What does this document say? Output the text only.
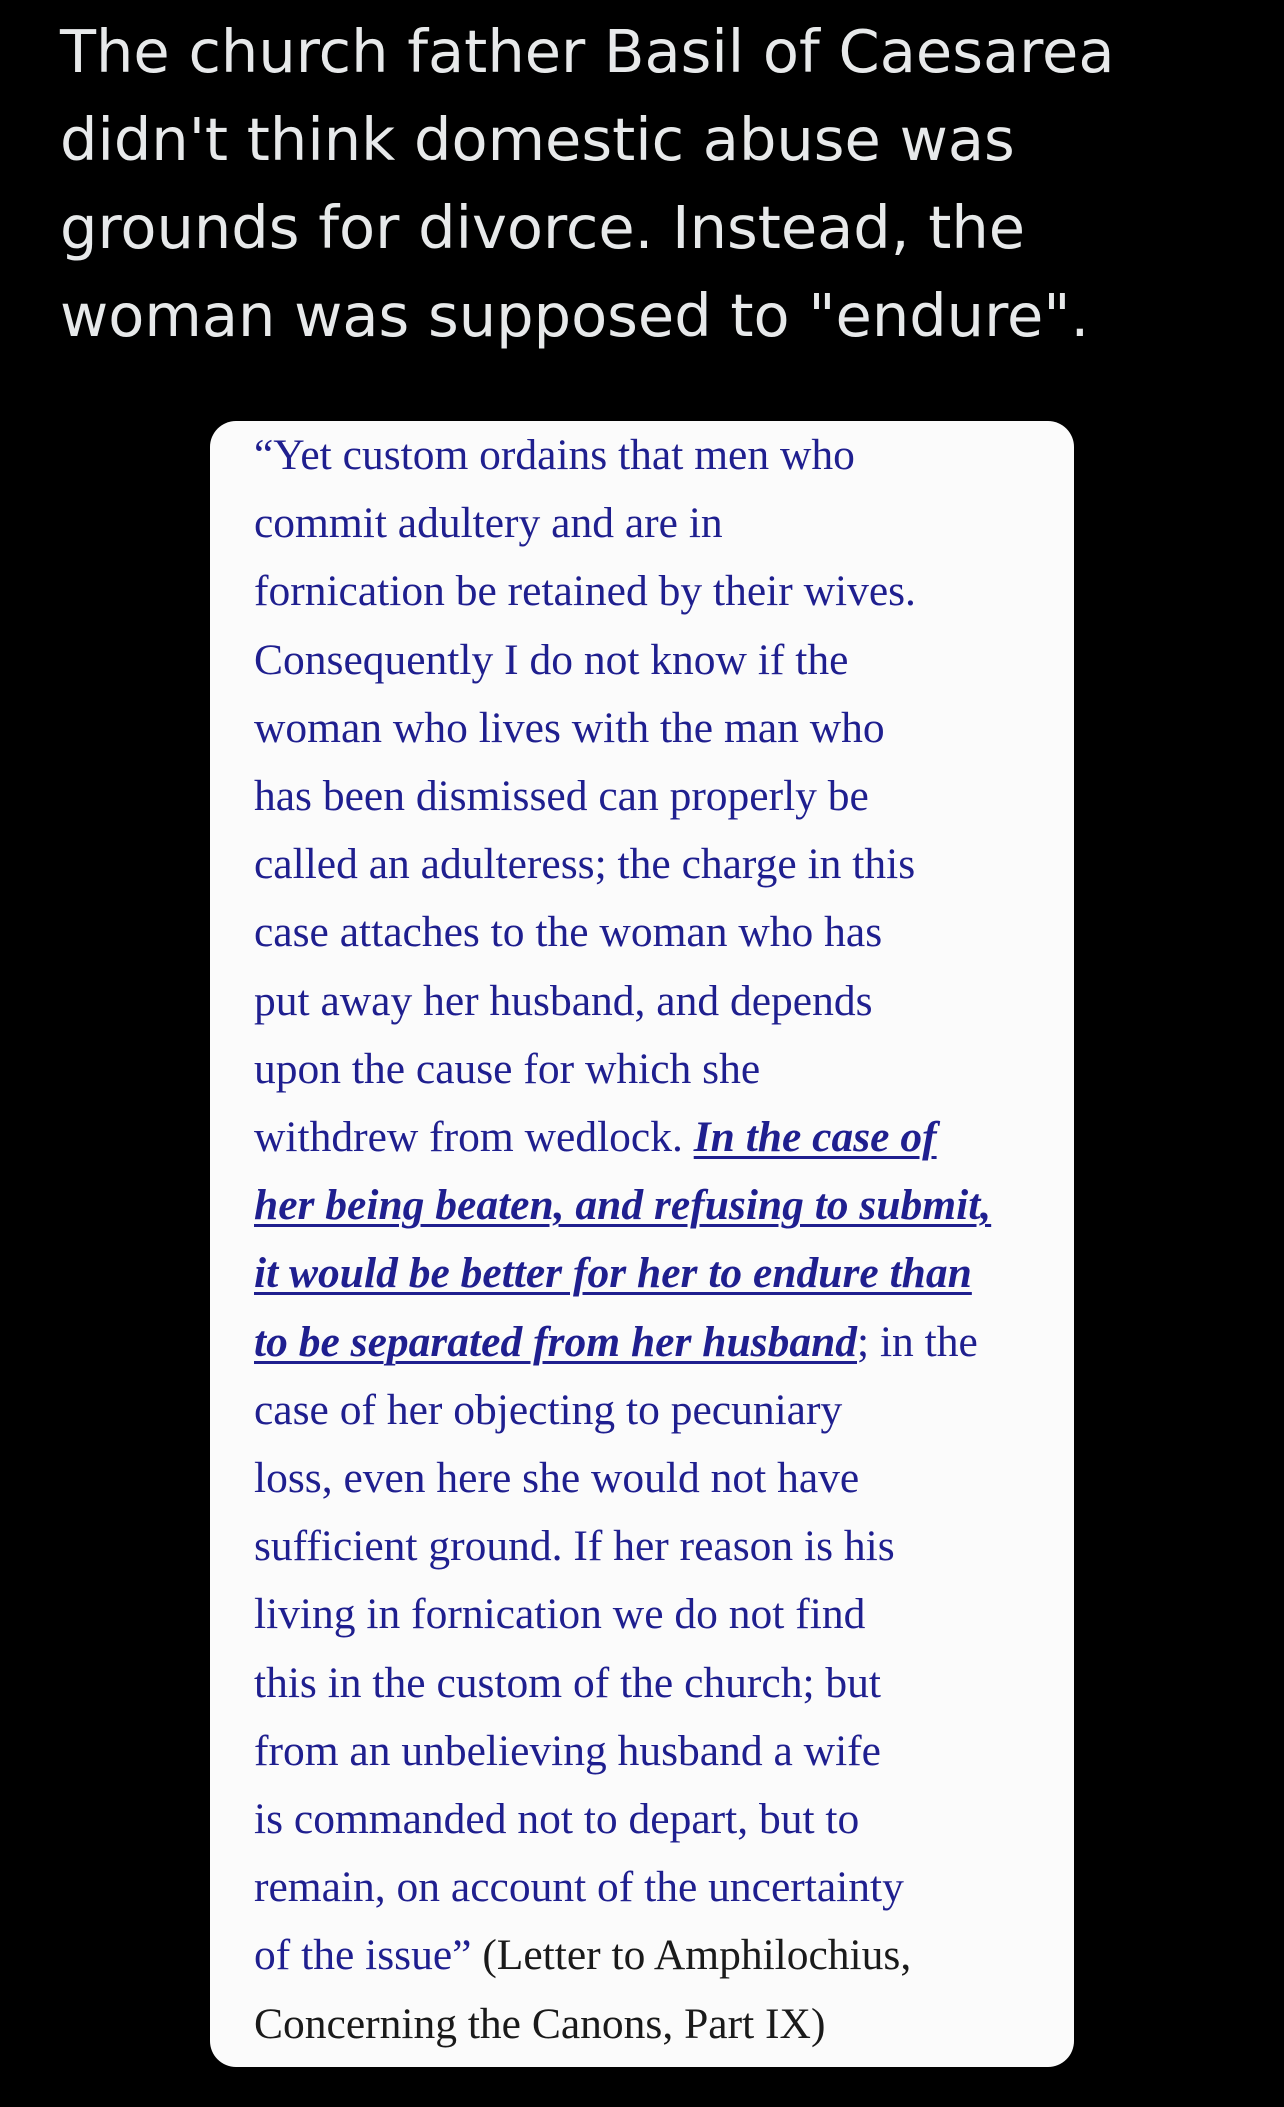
The church father Basil of Caesarea
didn't think domestic abuse was
grounds for divorce. Instead, the
woman was supposed to "endure".
“Yet custom ordains that men who
commit adultery and are in
fornication be retained by their wives.
Consequently I do not know if the
woman who lives with the man who
has been dismissed can properly be
called an adulteress; the charge in this
case attaches to the woman who has
put away her husband, and depends
upon the cause for which she
withdrew from wedlock. In the case of
her being beaten, and refusing to submit,
it would be better for her to endure than
to be separated from her husband; in the
case of her objecting to pecuniary
loss, even here she would not have
sufficient ground. If her reason is his
living in fornication we do not find
this in the custom of the church; but
from an unbelieving husband a wife
is commanded not to depart, but to
remain, on account of the uncertainty
of the issue” (Letter to Amphilochius,
Concerning the Canons, Part IX)
